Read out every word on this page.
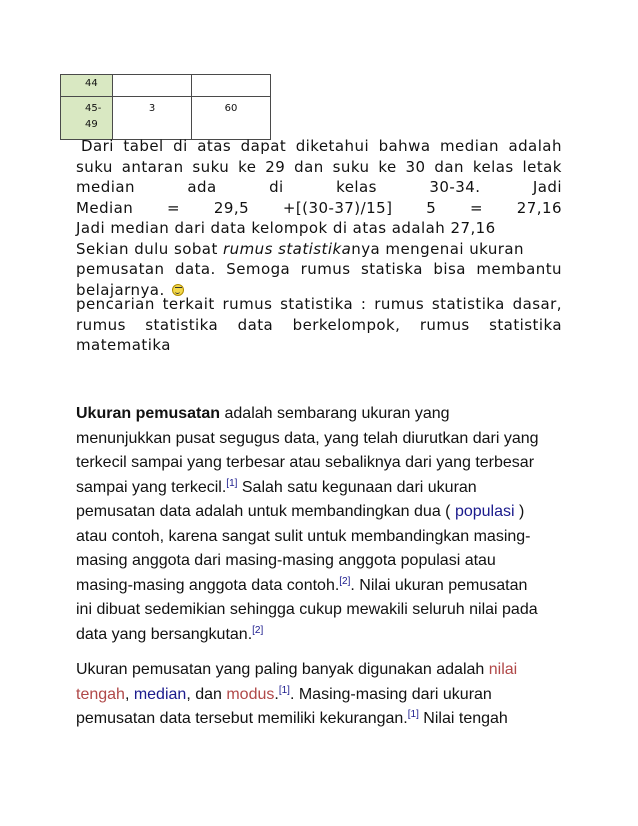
44		
45-
49	3	60
Dari tabel di atas dapat diketahui bahwa median adalah
suku antaran suku ke 29 dan suku ke 30 dan kelas letak
median	ada	di	kelas	30-34.	Jadi
Median = 29,5 +[(30-37)/15] 5 = 27,16
Jadi median dari data kelompok di atas adalah 27,16
Sekian dulu sobat rumus statistikanya mengenai ukuran
pemusatan data. Semoga rumus statiska bisa membantu
belajarnya.
pencarian terkait rumus statistika : rumus statistika dasar,
rumus statistika data berkelompok, rumus statistika
matematika
Ukuran pemusatan adalah sembarang ukuran yang
menunjukkan pusat segugus data, yang telah diurutkan dari yang
terkecil sampai yang terbesar atau sebaliknya dari yang terbesar
sampai yang terkecil.[1] Salah satu kegunaan dari ukuran
pemusatan data adalah untuk membandingkan dua ( populasi )
atau contoh, karena sangat sulit untuk membandingkan masing-
masing anggota dari masing-masing anggota populasi atau
masing-masing anggota data contoh.[2]. Nilai ukuran pemusatan
ini dibuat sedemikian sehingga cukup mewakili seluruh nilai pada
data yang bersangkutan.[2]
Ukuran pemusatan yang paling banyak digunakan adalah nilai
tengah, median, dan modus.[1]. Masing-masing dari ukuran
pemusatan data tersebut memiliki kekurangan.[1] Nilai tengah
